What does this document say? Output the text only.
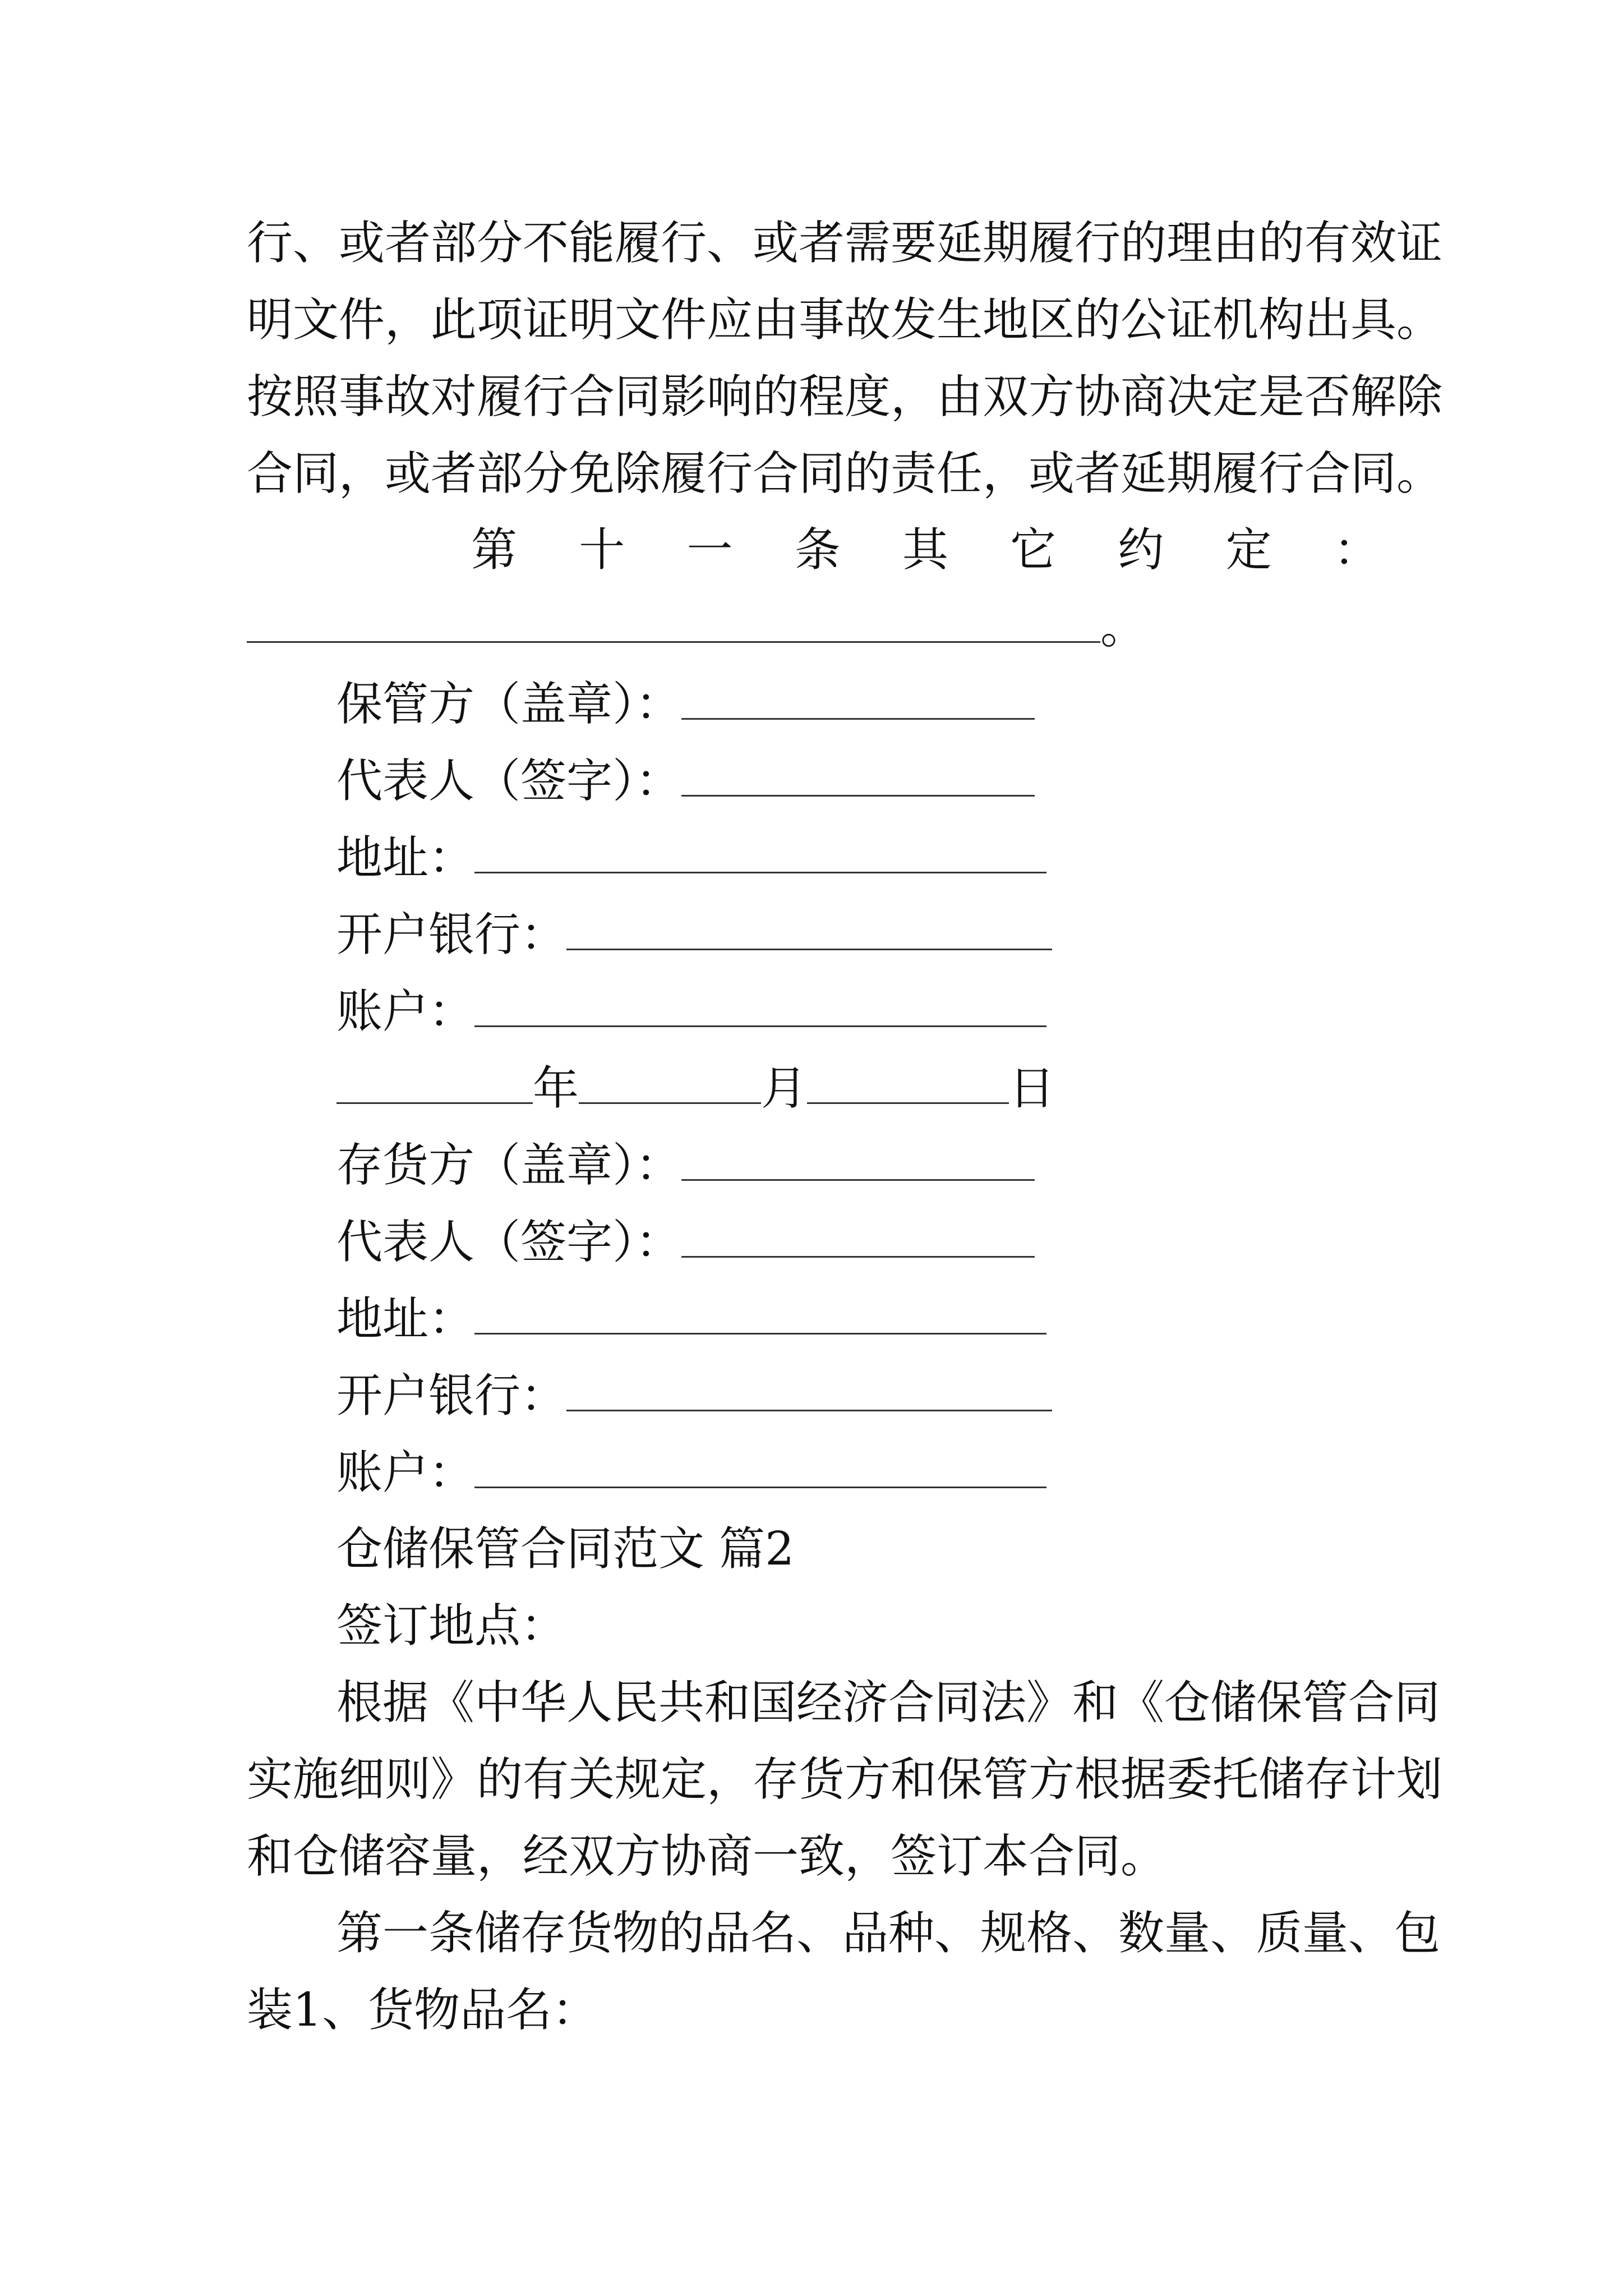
行、或者部分不能履行、或者需要延期履行的理由的有效证
明文件，此项证明文件应由事故发生地区的公证机构出具。
按照事故对履行合同影响的程度，由双方协商决定是否解除
合同，或者部分免除履行合同的责任，或者延期履行合同。
第 十 一 条 其 它 约 定 ：
。
保管方（盖章）：
代表人（签字）：
地址：
开户银行：
账户：
年	月	日
存货方（盖章）：
代表人（签字）：
地址：
开户银行：
账户：
仓储保管合同范文 篇2
签订地点：
根据《中华人民共和国经济合同法》和《仓储保管合同
实施细则》的有关规定，存货方和保管方根据委托储存计划
和仓储容量，经双方协商一致，签订本合同。
第一条储存货物的品名、品种、规格、数量、质量、包
装1、货物品名：
